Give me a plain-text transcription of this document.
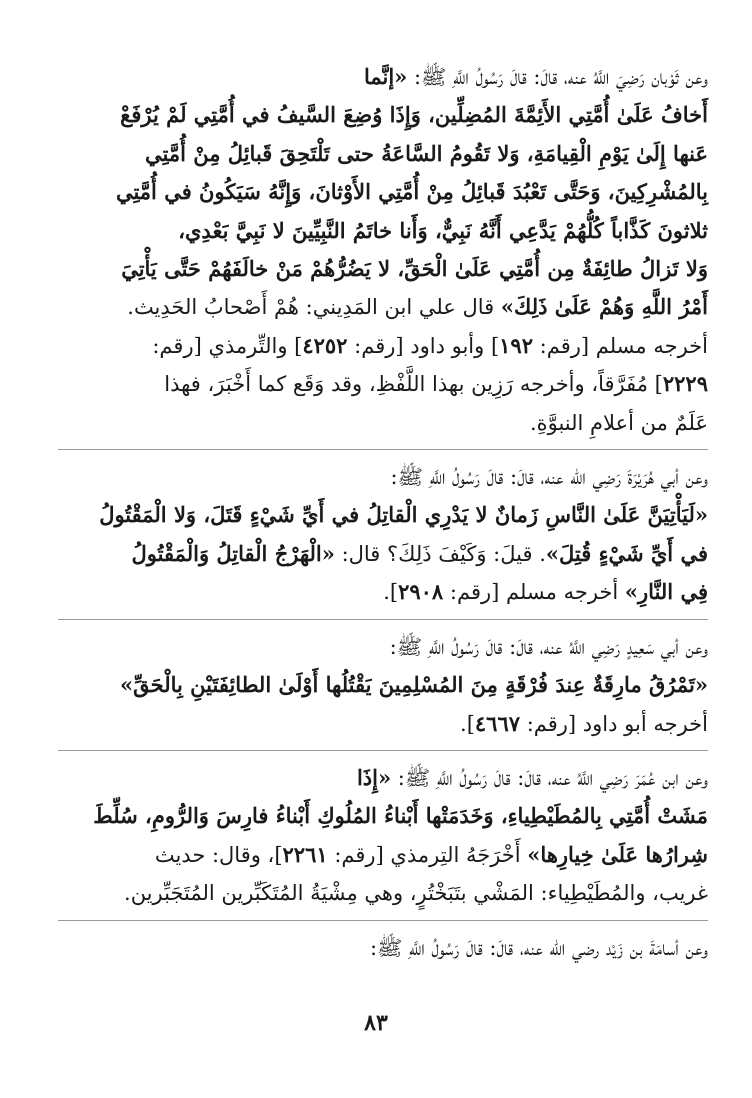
وعن ثَوْبان رَضِيَ اللَّهُ عنه، قالَ: قالَ رَسُولُ اللَّهِ ﷺ: «إنَّما
أَخافُ عَلَىٰ أُمَّتِي الأَئِمَّةَ المُضِلِّين، وَإِذَا وُضِعَ السَّيفُ في أُمَّتِي لَمْ يُرْفَعْ
عَنها إِلَىٰ يَوْمِ الْقِيامَةِ، وَلا تَقُومُ السَّاعَةُ حتى تَلْتَحِقَ قَبائِلُ مِنْ أُمَّتِي
بِالمُشْرِكِينَ، وَحَتَّى تَعْبُدَ قَبائِلُ مِنْ أُمَّتِي الأَوْثانَ، وَإِنَّهُ سَيَكُونُ في أُمَّتِي
ثلاثونَ كَذَّاباً كُلُّهُمْ يَدَّعِي أَنَّهُ نَبِيٌّ، وَأَنا خاتَمُ النَّبِيِّينَ لا نَبِيَّ بَعْدِي،
وَلا تَزالُ طائِفَةٌ مِن أُمَّتِي عَلَىٰ الْحَقِّ، لا يَضُرُّهُمْ مَنْ خالَفَهُمْ حَتَّى يَأْتِيَ
أَمْرُ اللَّهِ وَهُمْ عَلَىٰ ذَلِكَ» قال علي ابن المَدِيني: هُمْ أَصْحابُ الحَدِيث.
أخرجه مسلم [رقم: ١٩٢] وأبو داود [رقم: ٤٢٥٢] والتِّرمذي [رقم:
٢٢٢٩] مُفَرَّقاً، وأخرجه رَزِين بهذا اللَّفْظِ، وقد وَقَع كما أَخْبَرَ، فهذا
عَلَمٌ من أعلامِ النبوَّةِ.
وعن أبي هُرَيْرَةَ رَضِي الله عنه، قالَ: قالَ رَسُولُ اللَّهِ ﷺ:
«لَيَأْتِيَنَّ عَلَىٰ النَّاسِ زَمانٌ لا يَدْرِي الْقاتِلُ في أَيِّ شَيْءٍ قَتَلَ، وَلا الْمَقْتُولُ
في أَيِّ شَيْءٍ قُتِلَ». قيلَ: وَكَيْفَ ذَلِكَ؟ قال: «الْهَرْجُ الْقاتِلُ وَالْمَقْتُولُ
فِي النَّارِ» أخرجه مسلم [رقم: ٢٩٠٨].
وعن أبي سَعِيدٍ رَضِي اللَّهُ عنه، قالَ: قالَ رَسُولُ اللَّهِ ﷺ:
«تَمْرُقُ مارِقَةٌ عِندَ فُرْقَةٍ مِنَ المُسْلِمِينَ يَقْتُلُها أَوْلَىٰ الطائِفَتَيْنِ بِالْحَقِّ»
أخرجه أبو داود [رقم: ٤٦٦٧].
وعن ابن عُمَرَ رَضِي اللَّهُ عنه، قالَ: قالَ رَسُولُ اللَّهِ ﷺ: «إِذَا
مَشَتْ أُمَّتِي بِالمُطَيْطِياءِ، وَخَدَمَتْها أَبْناءُ المُلُوكِ أَبْناءُ فارِسَ وَالرُّومِ، سُلِّطَ
شِرارُها عَلَىٰ خِيارِها» أَخْرَجَهُ التِرمذي [رقم: ٢٢٦١]، وقال: حديث
غريب، والمُطَيْطِياء: المَشْي بتَبَخْتُرٍ، وهي مِشْيَةُ المُتَكَبِّرين المُتَجَبِّرين.
وعن أسامَةَ بن زَيْد رضي الله عنه، قالَ: قالَ رَسُولُ اللَّهِ ﷺ:
٨٣
